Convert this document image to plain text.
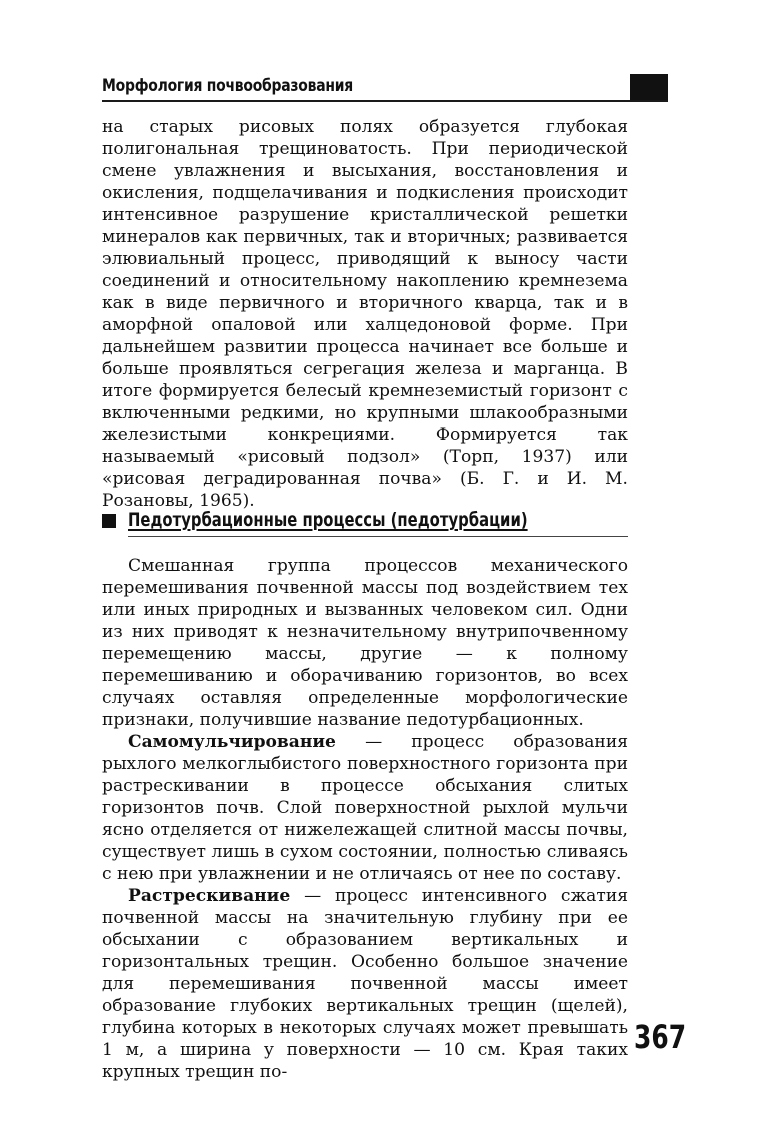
Морфология почвообразования

на старых рисовых полях образуется глубокая полигональная трещиноватость. При периодической смене увлажнения и высыхания, восстановления и окисления, подщелачивания и подкисления происходит интенсивное разрушение кристаллической решетки минералов как первичных, так и вторичных; развивается элювиальный процесс, приводящий к выносу части соединений и относительному накоплению кремнезема как в виде первичного и вторичного кварца, так и в аморфной опаловой или халцедоновой форме. При дальнейшем развитии процесса начинает все больше и больше проявляться сегрегация железа и марганца. В итоге формируется белесый кремнеземистый горизонт с включенными редкими, но крупными шлакообразными железистыми конкрециями. Формируется так называемый «рисовый подзол» (Торп, 1937) или «рисовая деградированная почва» (Б. Г. и И. М. Розановы, 1965).

Педотурбационные процессы (педотурбации)

Смешанная группа процессов механического перемешивания почвенной массы под воздействием тех или иных природных и вызванных человеком сил. Одни из них приводят к незначительному внутрипочвенному перемещению массы, другие — к полному перемешиванию и оборачиванию горизонтов, во всех случаях оставляя определенные морфологические признаки, получившие название педотурбационных.

Самомульчирование — процесс образования рыхлого мелкоглыбистого поверхностного горизонта при растрескивании в процессе обсыхания слитых горизонтов почв. Слой поверхностной рыхлой мульчи ясно отделяется от нижележащей слитной массы почвы, существует лишь в сухом состоянии, полностью сливаясь с нею при увлажнении и не отличаясь от нее по составу.

Растрескивание — процесс интенсивного сжатия почвенной массы на значительную глубину при ее обсыхании с образованием вертикальных и горизонтальных трещин. Особенно большое значение для перемешивания почвенной массы имеет образование глубоких вертикальных трещин (щелей), глубина которых в некоторых случаях может превышать 1 м, а ширина у поверхности — 10 см. Края таких крупных трещин по-

367
